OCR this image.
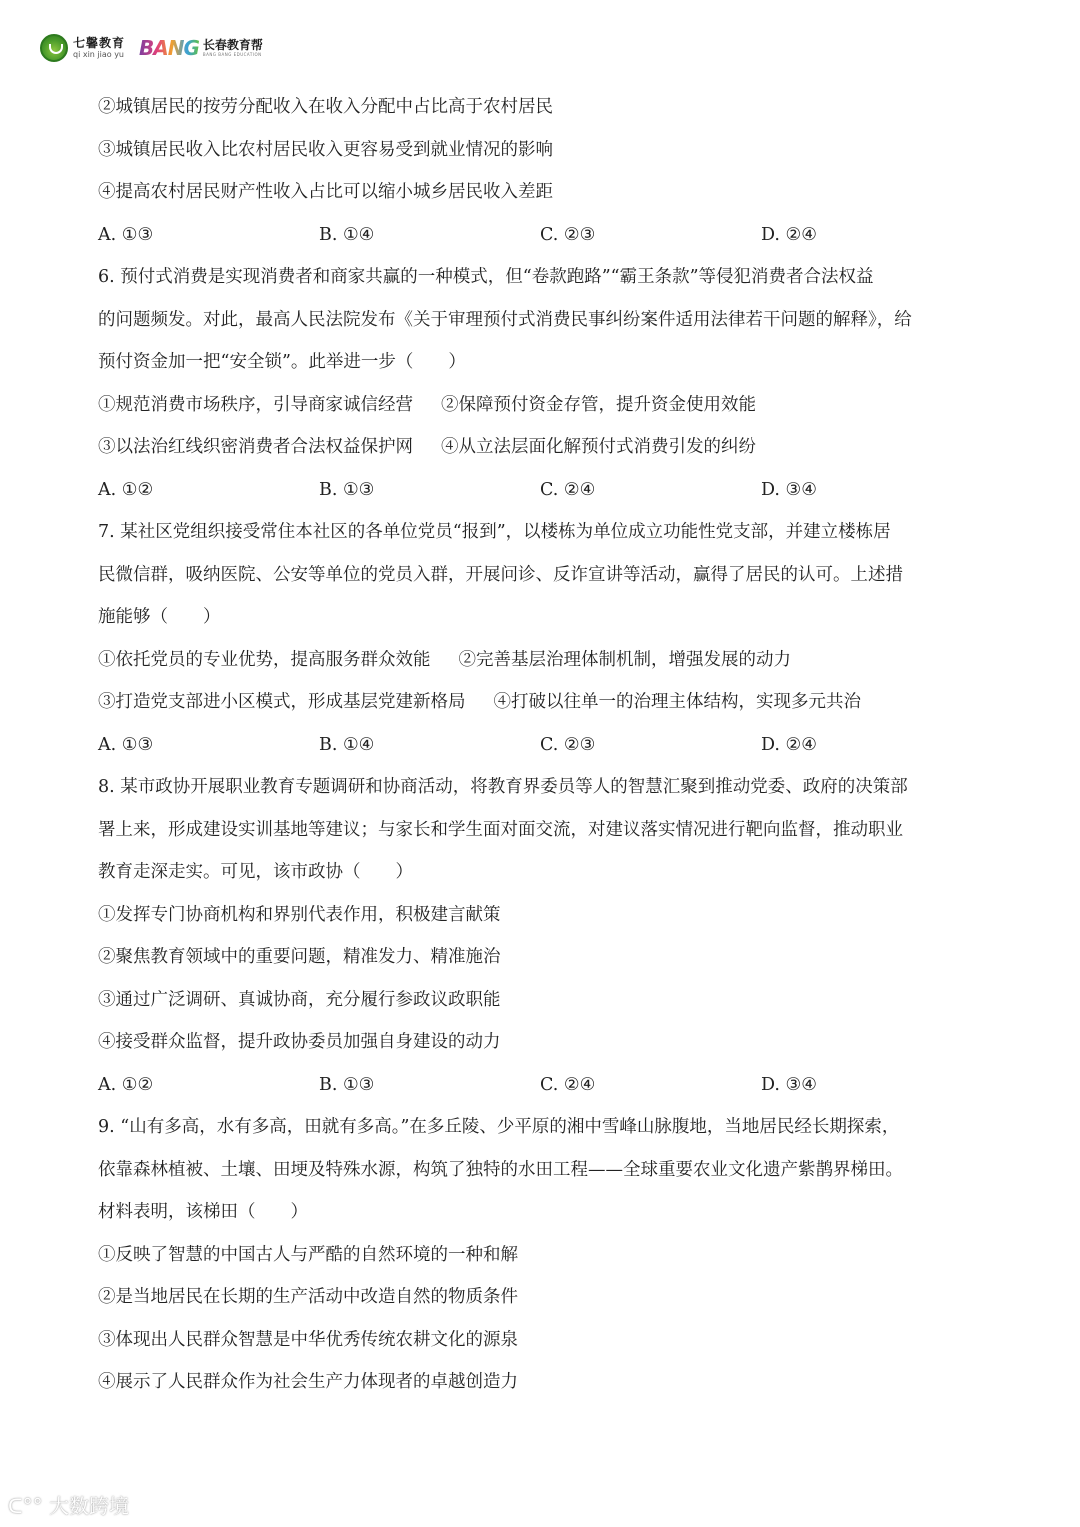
七馨教育
qi xin jiao yu BANG 长春教育帮
BANG BANG EDUCATION
②城镇居民的按劳分配收入在收入分配中占比高于农村居民
③城镇居民收入比农村居民收入更容易受到就业情况的影响
④提高农村居民财产性收入占比可以缩小城乡居民收入差距
A. ①③	B. ①④	C. ②③	D. ②④
6. 预付式消费是实现消费者和商家共赢的一种模式，但“卷款跑路”“霸王条款”等侵犯消费者合法权益
的问题频发。对此，最高人民法院发布《关于审理预付式消费民事纠纷案件适用法律若干问题的解释》，给
预付资金加一把“安全锁”。此举进一步（　　）
①规范消费市场秩序，引导商家诚信经营 ②保障预付资金存管，提升资金使用效能
③以法治红线织密消费者合法权益保护网 ④从立法层面化解预付式消费引发的纠纷
A. ①②	B. ①③	C. ②④	D. ③④
7. 某社区党组织接受常住本社区的各单位党员“报到”，以楼栋为单位成立功能性党支部，并建立楼栋居
民微信群，吸纳医院、公安等单位的党员入群，开展问诊、反诈宣讲等活动，赢得了居民的认可。上述措
施能够（　　）
①依托党员的专业优势，提高服务群众效能 ②完善基层治理体制机制，增强发展的动力
③打造党支部进小区模式，形成基层党建新格局 ④打破以往单一的治理主体结构，实现多元共治
A. ①③	B. ①④	C. ②③	D. ②④
8. 某市政协开展职业教育专题调研和协商活动，将教育界委员等人的智慧汇聚到推动党委、政府的决策部
署上来，形成建设实训基地等建议；与家长和学生面对面交流，对建议落实情况进行靶向监督，推动职业
教育走深走实。可见，该市政协（　　）
①发挥专门协商机构和界别代表作用，积极建言献策
②聚焦教育领域中的重要问题，精准发力、精准施治
③通过广泛调研、真诚协商，充分履行参政议政职能
④接受群众监督，提升政协委员加强自身建设的动力
A. ①②	B. ①③	C. ②④	D. ③④
9. “山有多高，水有多高，田就有多高。”在多丘陵、少平原的湘中雪峰山脉腹地，当地居民经长期探索，
依靠森林植被、土壤、田埂及特殊水源，构筑了独特的水田工程——全球重要农业文化遗产紫鹊界梯田。
材料表明，该梯田（　　）
①反映了智慧的中国古人与严酷的自然环境的一种和解
②是当地居民在长期的生产活动中改造自然的物质条件
③体现出人民群众智慧是中华优秀传统农耕文化的源泉
④展示了人民群众作为社会生产力体现者的卓越创造力
ᑕ°° 大数跨境
